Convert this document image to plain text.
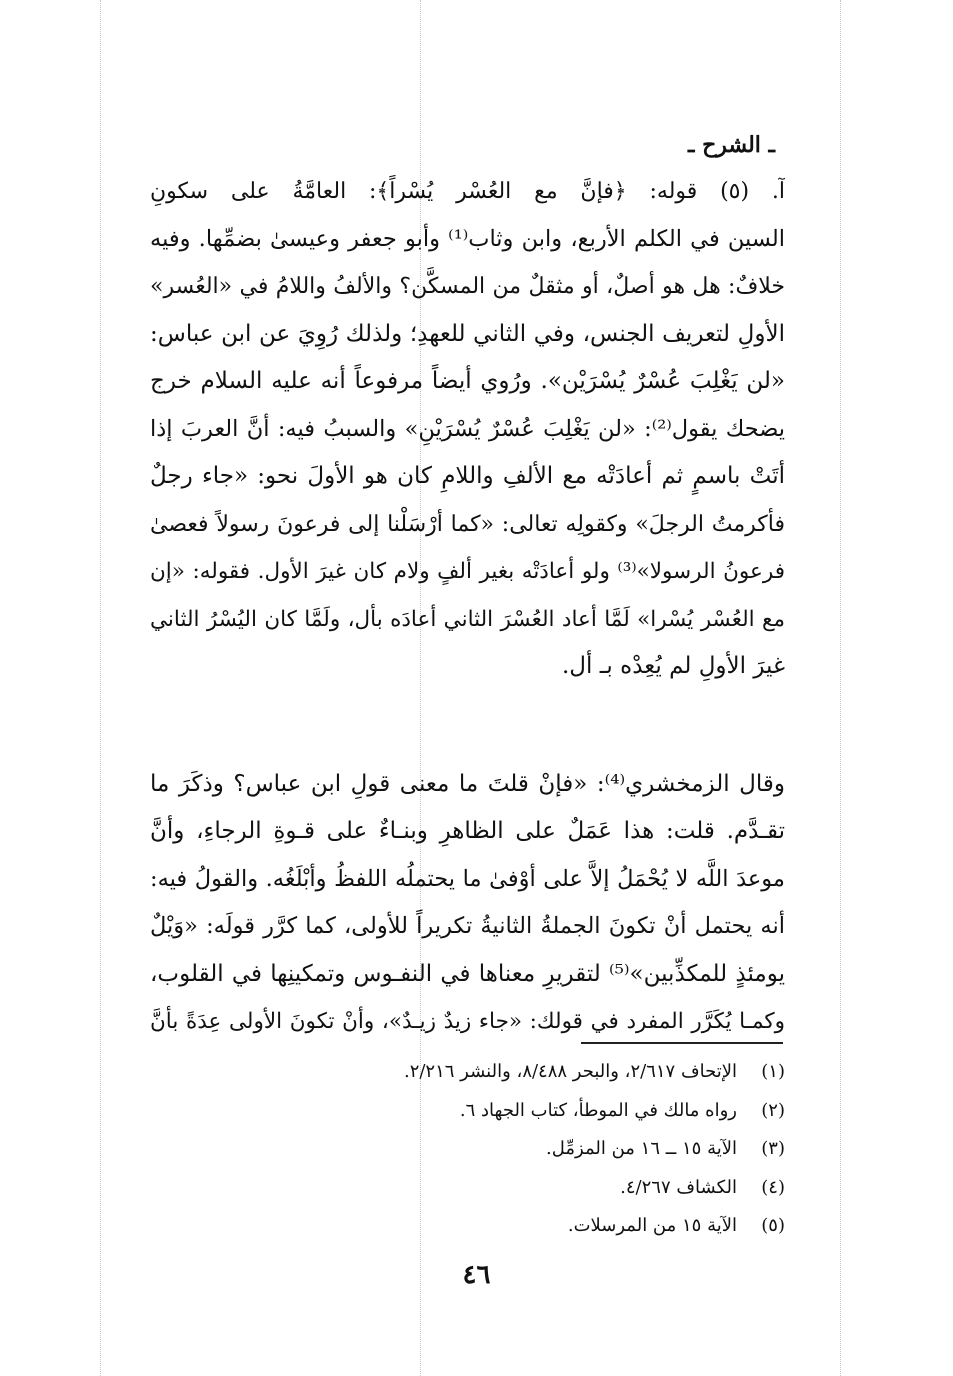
ـ الشرح ـ
آ. (٥) قوله: ﴿فإنَّ مع العُسْر يُسْراً﴾: العامَّةُ على سكونِ
السين في الكلم الأربع، وابن وثاب⁽¹⁾ وأبو جعفر وعيسىٰ بضمِّها. وفيه
خلافٌ: هل هو أصلٌ، أو مثقلٌ من المسكَّن؟ والألفُ واللامُ في «العُسر»
الأولِ لتعريف الجنس، وفي الثاني للعهدِ؛ ولذلك رُوِيَ عن ابن عباس:
«لن يَغْلِبَ عُسْرٌ يُسْرَيْن». ورُوي أيضاً مرفوعاً أنه عليه السلام خرج
يضحك يقول⁽²⁾: «لن يَغْلِبَ عُسْرٌ يُسْرَيْنِ» والسببُ فيه: أنَّ العربَ إذا
أتَتْ باسمٍ ثم أعادَتْه مع الألفِ واللامِ كان هو الأولَ نحو: «جاء رجلٌ
فأكرمتُ الرجلَ» وكقولِه تعالى: «كما أرْسَلْنا إلى فرعونَ رسولاً فعصىٰ
فرعونُ الرسولا»⁽³⁾ ولو أعادَتْه بغير ألفٍ ولام كان غيرَ الأول. فقوله: «إن
مع العُسْر يُسْرا» لَمَّا أعاد العُسْرَ الثاني أعادَه بأل، ولَمَّا كان اليُسْرُ الثاني
غيرَ الأولِ لم يُعِدْه بـ أل.
وقال الزمخشري⁽⁴⁾: «فإنْ قلتَ ما معنى قولِ ابن عباس؟ وذكَرَ ما
تقـدَّم. قلت: هذا عَمَلٌ على الظاهرِ وبنـاءٌ على قـوةِ الرجاءِ، وأنَّ
موعدَ اللَّه لا يُحْمَلُ إلاَّ على أوْفىٰ ما يحتملُه اللفظُ وأبْلَغُه. والقولُ فيه:
أنه يحتمل أنْ تكونَ الجملةُ الثانيةُ تكريراً للأولى، كما كرَّر قولَه: «وَيْلٌ
يومئذٍ للمكذِّبين»⁽⁵⁾ لتقريرِ معناها في النفـوس وتمكينِها في القلوب،
وكمـا يُكَرَّر المفرد في قولك: «جاء زيدٌ زيـدٌ»، وأنْ تكونَ الأولى عِدَةً بأنَّ
(١)الإتحاف ٢/٦١٧، والبحر ٨/٤٨٨، والنشر ٢/٢١٦.
(٢)رواه مالك في الموطأ، كتاب الجهاد ٦.
(٣)الآية ١٥ ــ ١٦ من المزمِّل.
(٤)الكشاف ٤/٢٦٧.
(٥)الآية ١٥ من المرسلات.
٤٦
